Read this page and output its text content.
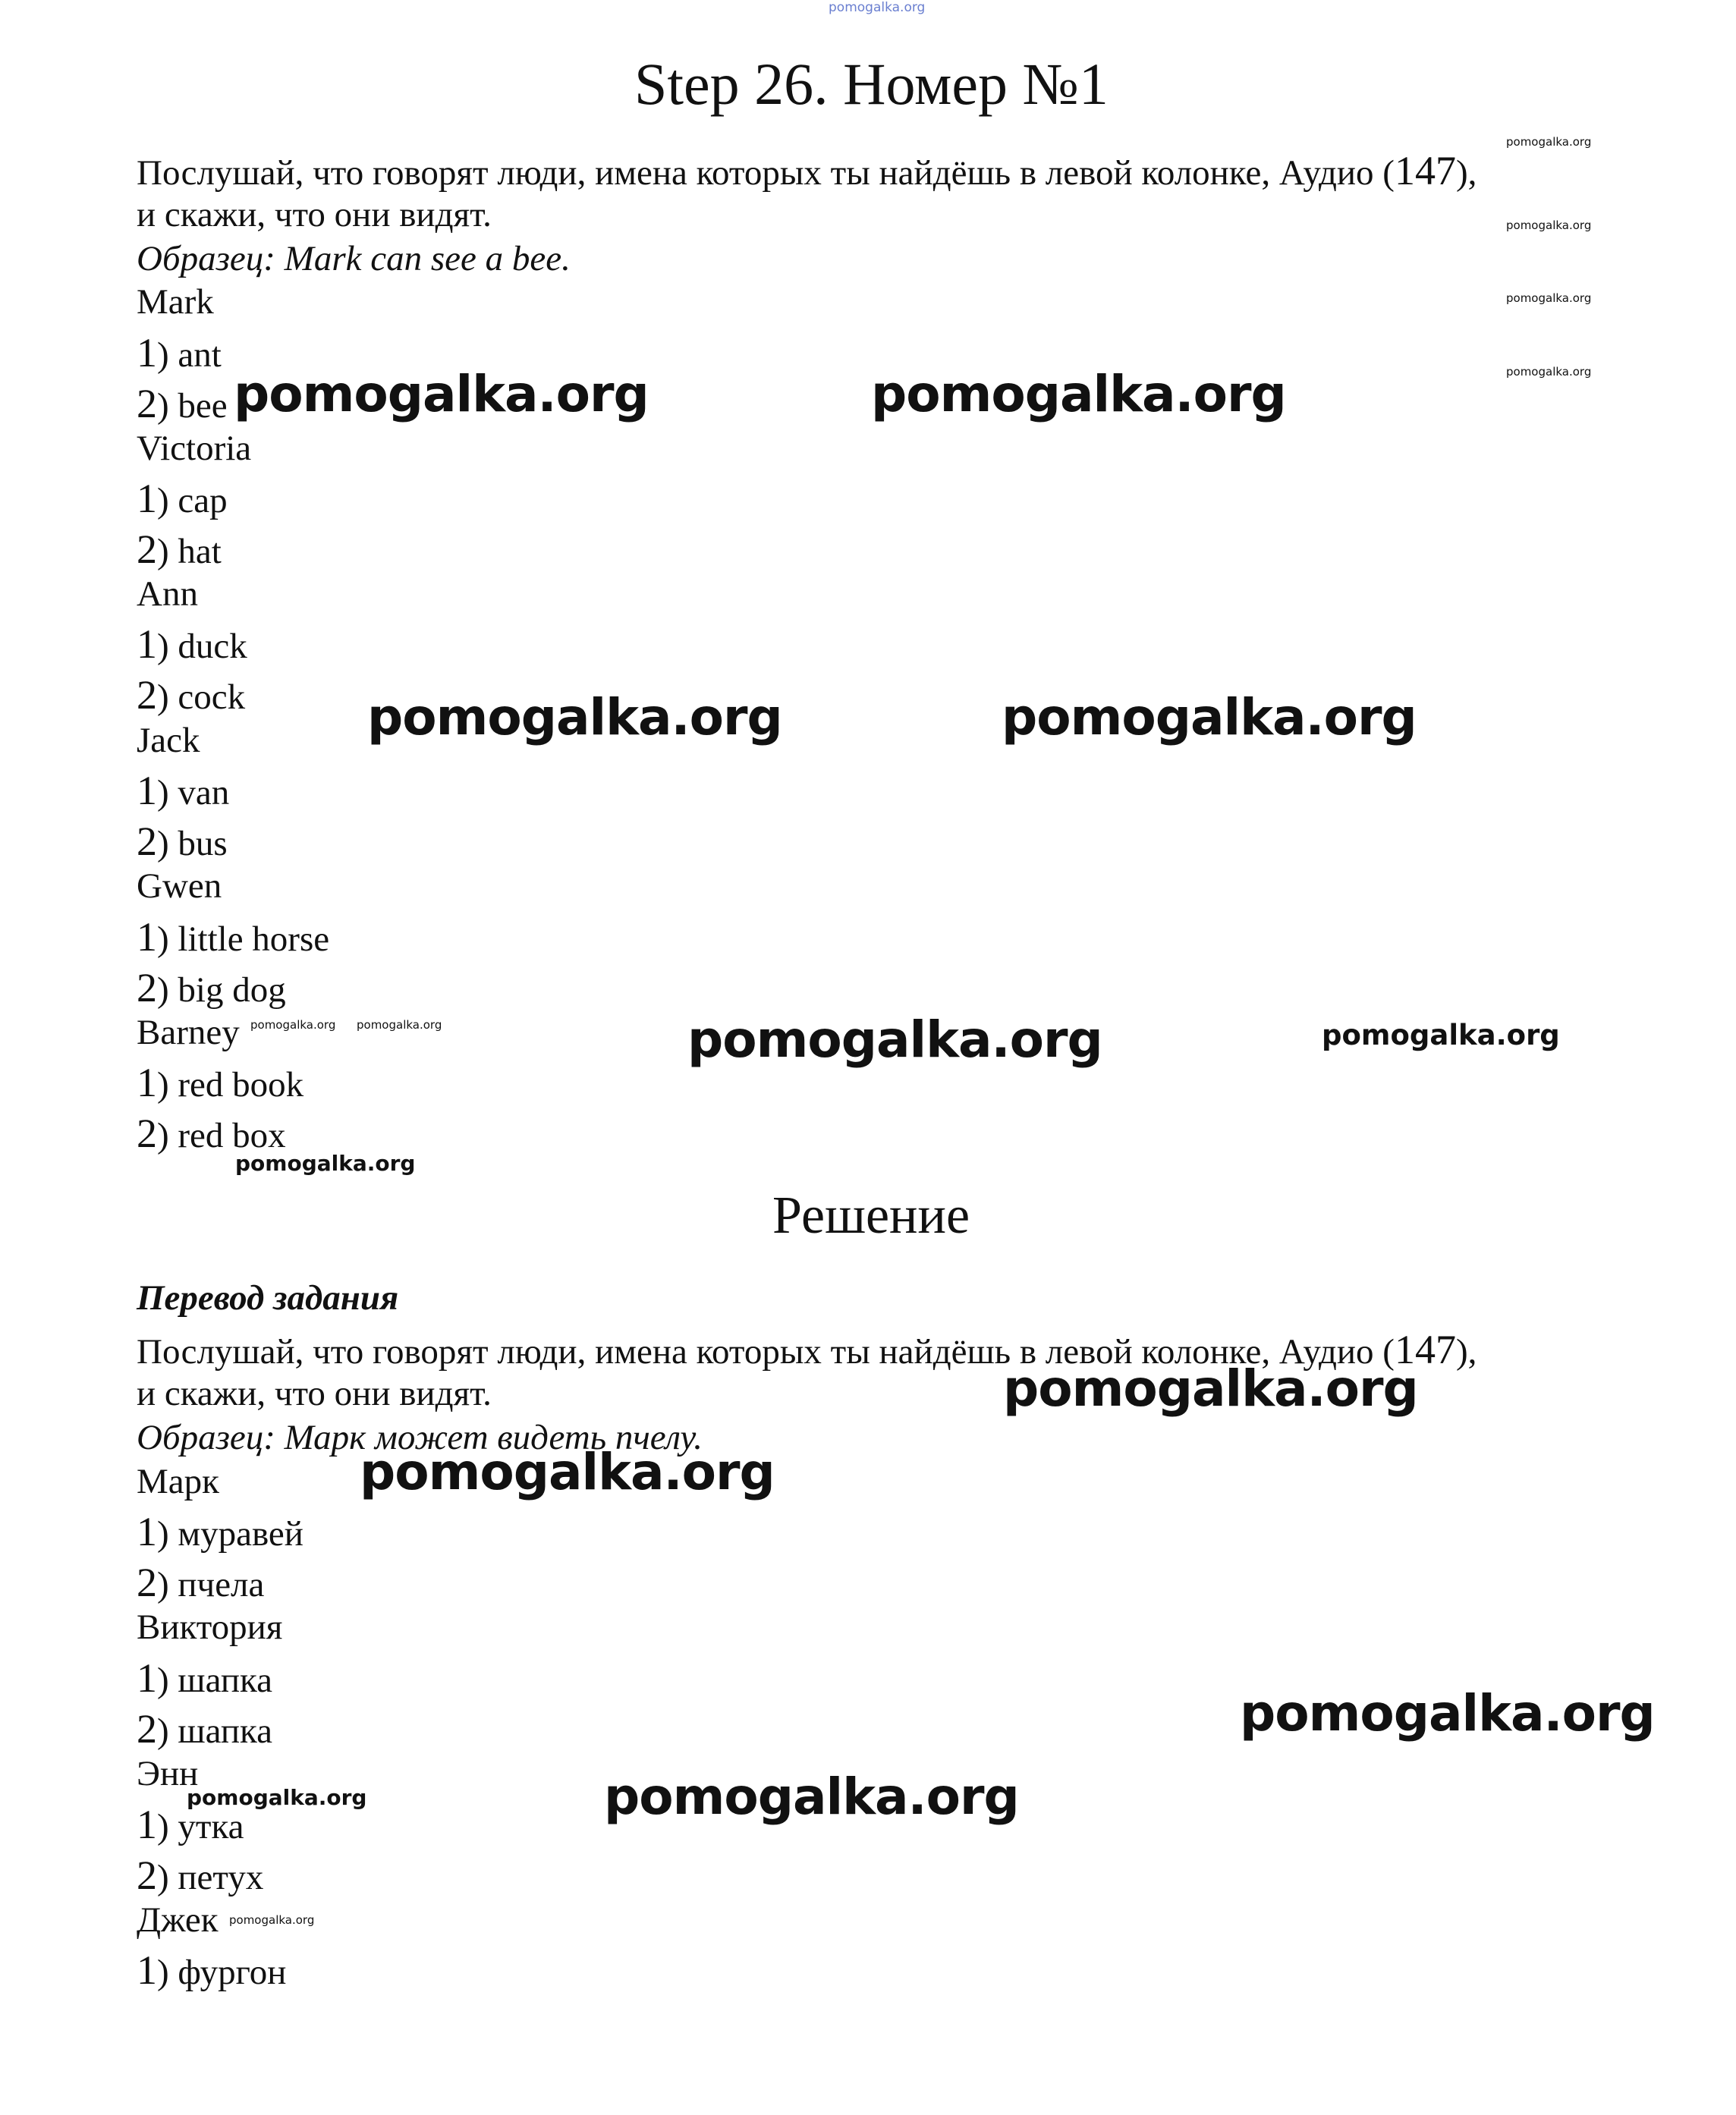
pomogalka.org
Step 26. Номер №1
Послушай, что говорят люди, имена которых ты найдёшь в левой колонке, Аудио (147),
и скажи, что они видят.
Образец: Mark can see a bee.
Mark
1) ant
2) bee
Victoria
1) cap
2) hat
Ann
1) duck
2) cock
Jack
1) van
2) bus
Gwen
1) little horse
2) big dog
Barney
1) red book
2) red box
Решение
Перевод задания
Послушай, что говорят люди, имена которых ты найдёшь в левой колонке, Аудио (147),
и скажи, что они видят.
Образец: Марк может видеть пчелу.
Марк
1) муравей
2) пчела
Виктория
1) шапка
2) шапка
Энн
1) утка
2) петух
Джек
1) фургон
pomogalka.org
pomogalka.org
pomogalka.org
pomogalka.org
pomogalka.org	pomogalka.org
pomogalka.org	pomogalka.org
pomogalka.org	pomogalka.org
pomogalka.org pomogalka.org
pomogalka.org
pomogalka.org
pomogalka.org
pomogalka.org
pomogalka.org
pomogalka.org
pomogalka.org
